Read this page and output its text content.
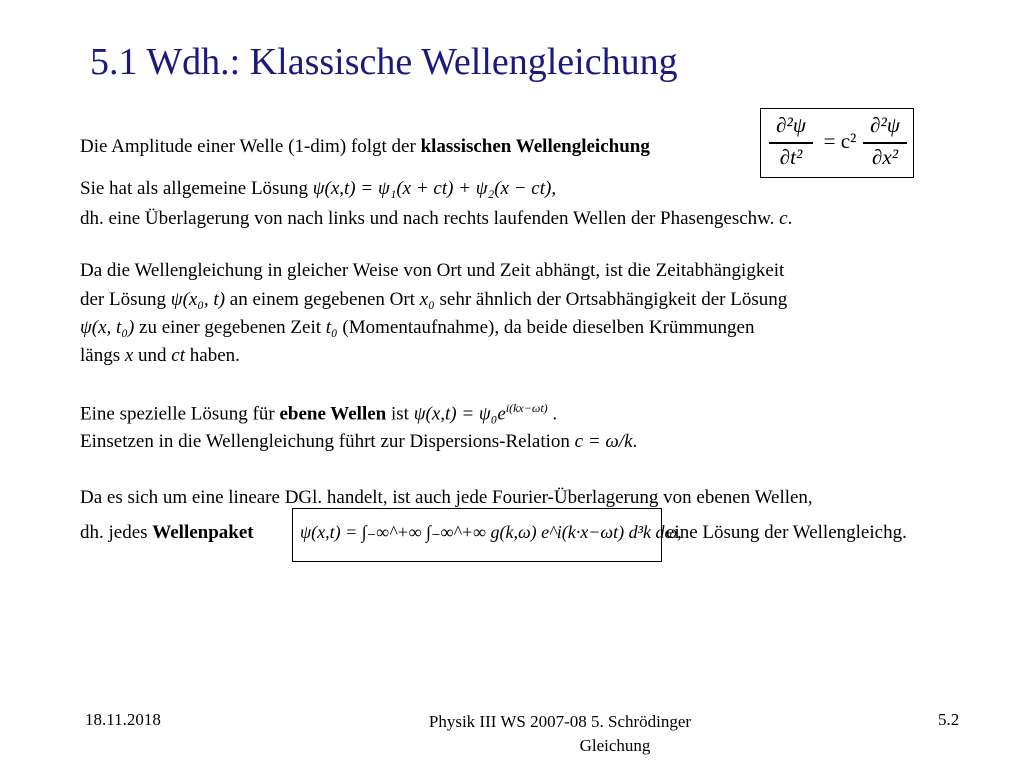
5.1 Wdh.: Klassische Wellengleichung
Die Amplitude einer Welle (1-dim) folgt der klassischen Wellengleichung
∂²ψ
∂t²
= c²
∂²ψ
∂x²
Sie hat als allgemeine Lösung ψ(x,t) = ψ₁(x + ct) + ψ₂(x − ct),
dh. eine Überlagerung von nach links und nach rechts laufenden Wellen der Phasengeschw. c.
Da die Wellengleichung in gleicher Weise von Ort und Zeit abhängt, ist die Zeitabhängigkeit
der Lösung ψ(x₀, t) an einem gegebenen Ort x₀ sehr ähnlich der Ortsabhängigkeit der Lösung
ψ(x, t₀) zu einer gegebenen Zeit t₀ (Momentaufnahme), da beide dieselben Krümmungen
längs x und ct haben.
Eine spezielle Lösung für ebene Wellen ist $\psi(x,t) = \psi_0e^{i(kx-\omega t)}$ .
Einsetzen in die Wellengleichung führt zur Dispersions-Relation c = ω/k.
Da es sich um eine lineare DGl. handelt, ist auch jede Fourier-Überlagerung von ebenen Wellen,
dh. jedes Wellenpaket	ψ(x,t) = ∫₋∞^+∞ ∫₋∞^+∞ g(k,ω) e^i(k·x−ωt) d³k dω,
eine Lösung der Wellengleichg.
18.11.2018	Physik III WS 2007-08 5. Schrödinger
Gleichung
5.2
